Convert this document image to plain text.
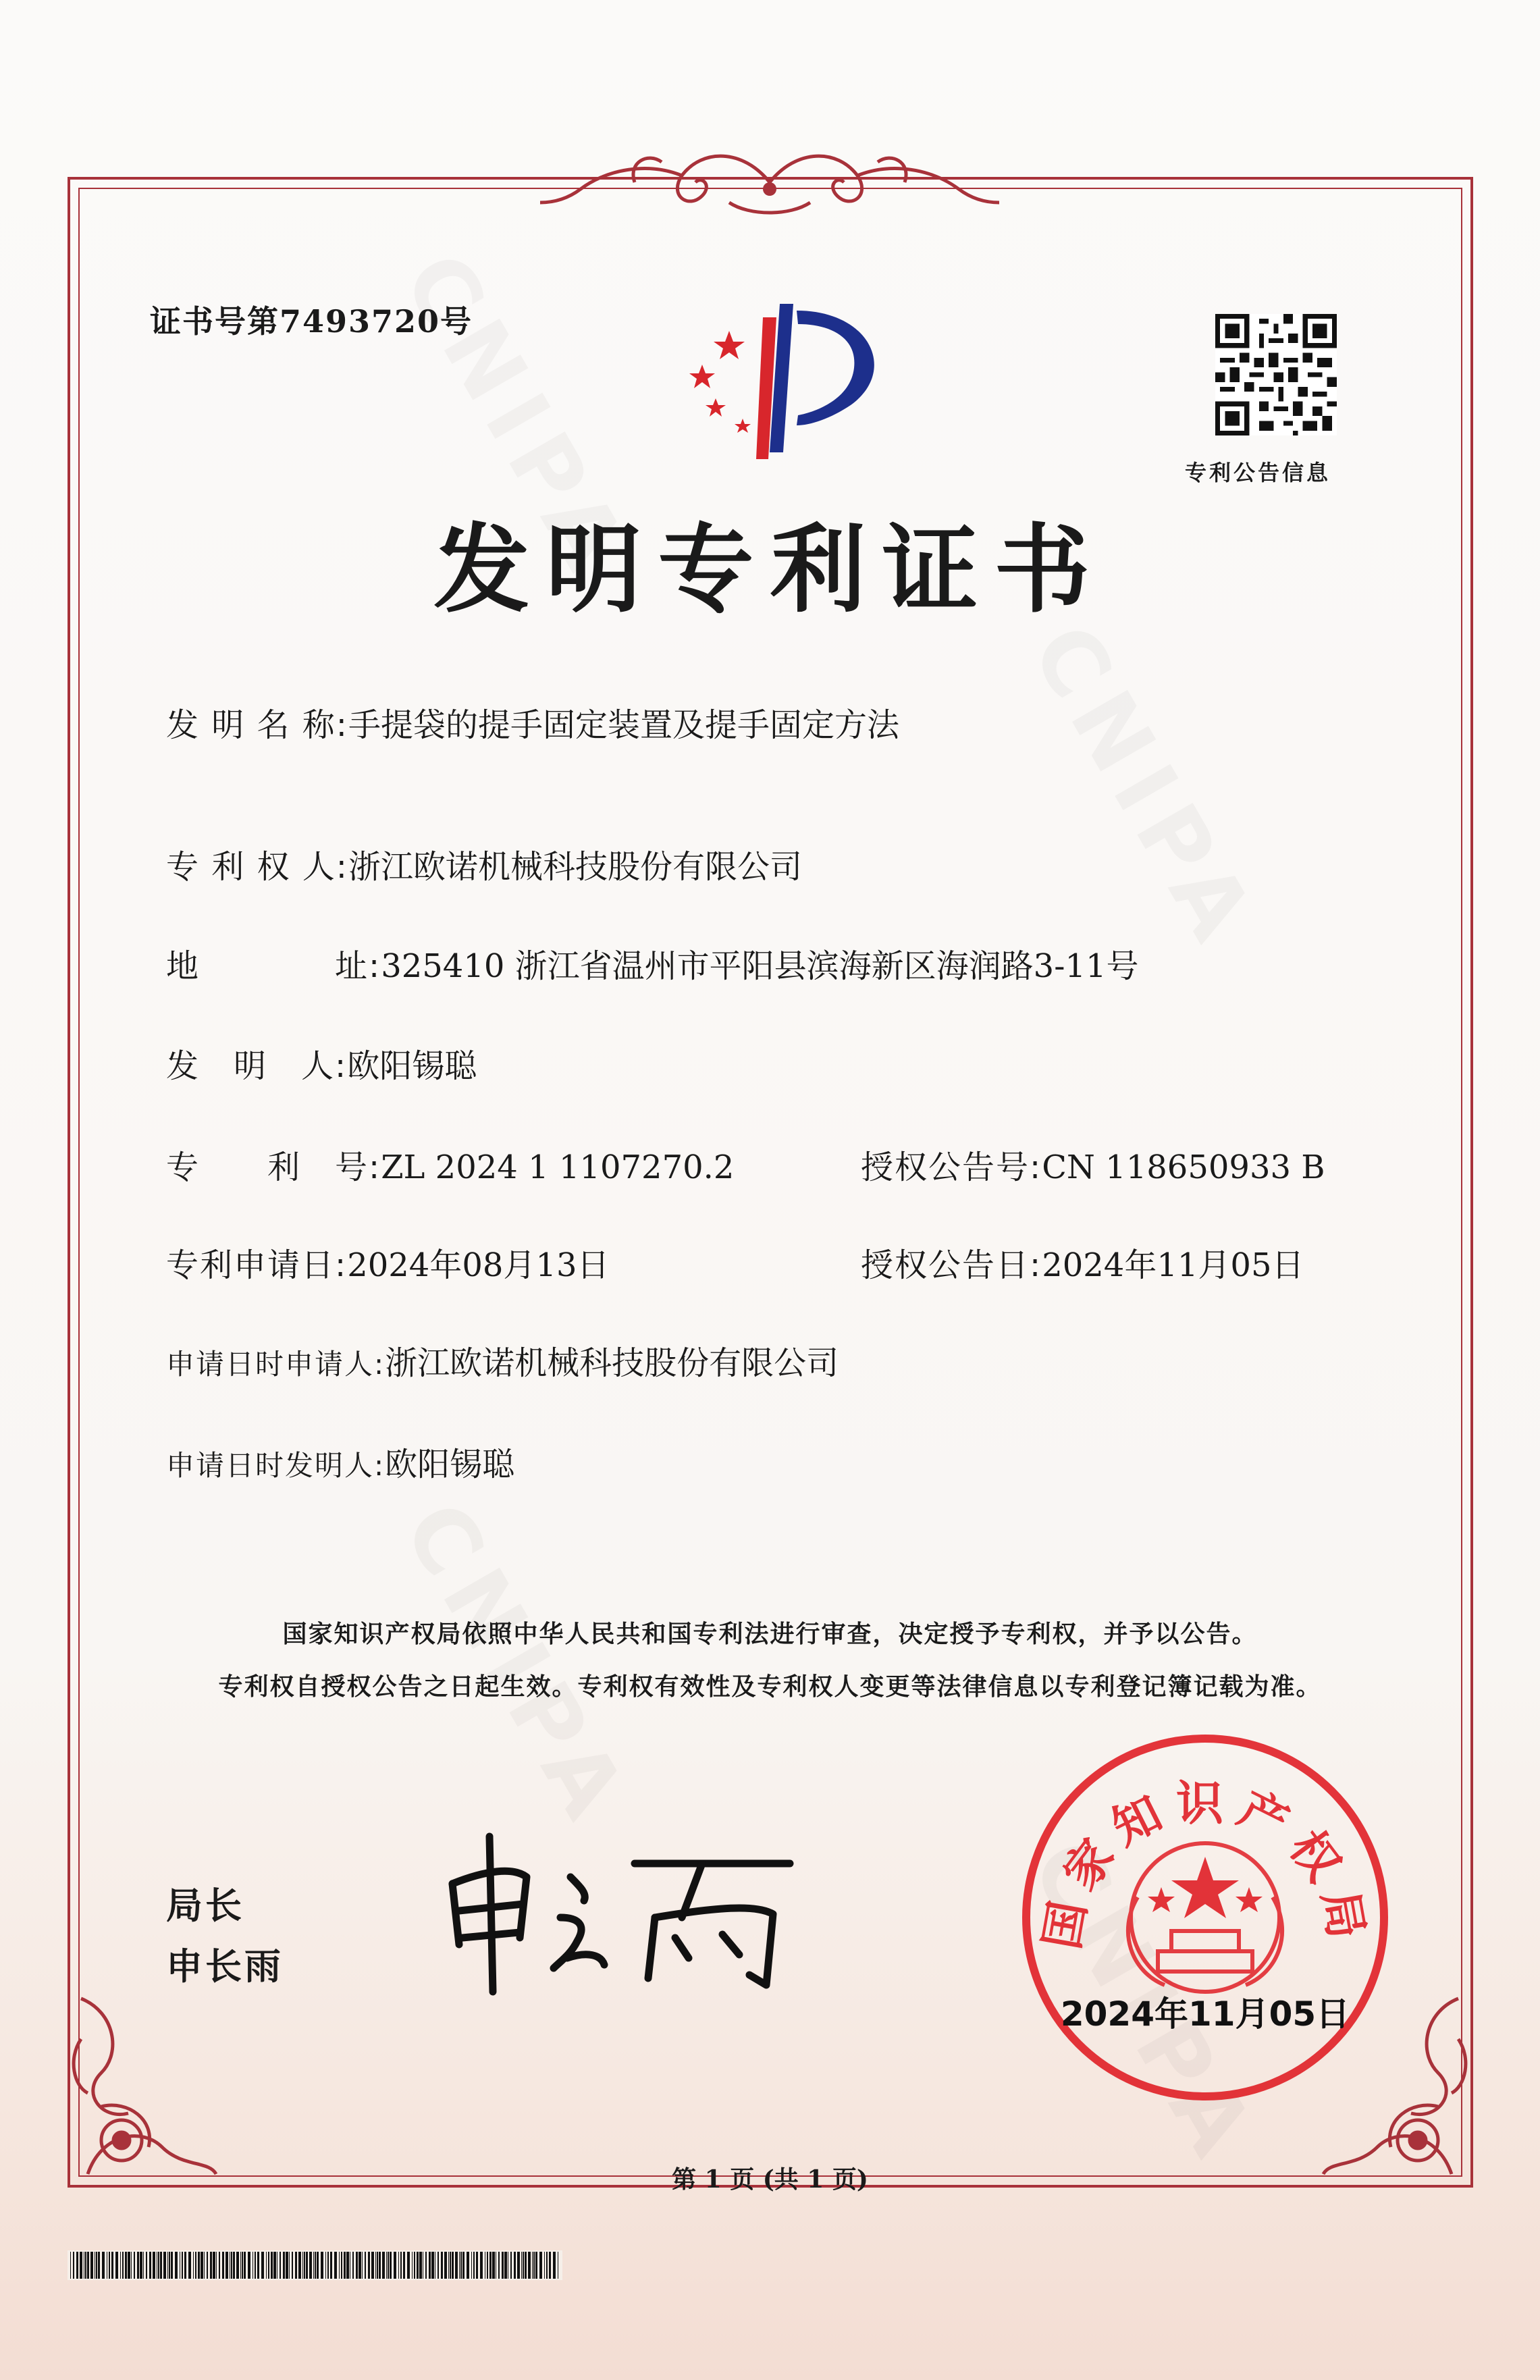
证书号第7493720号
专利公告信息
发明专利证书
发 明 名 称:手提袋的提手固定装置及提手固定方法
专 利 权 人:浙江欧诺机械科技股份有限公司
地　　　　址:325410 浙江省温州市平阳县滨海新区海润路3-11号
发　明　人:欧阳锡聪
专　　利　号:ZL 2024 1 1107270.2	授权公告号:CN 118650933 B
专利申请日:2024年08月13日	授权公告日:2024年11月05日
申请日时申请人:浙江欧诺机械科技股份有限公司
申请日时发明人:欧阳锡聪
国家知识产权局依照中华人民共和国专利法进行审查，决定授予专利权，并予以公告。
专利权自授权公告之日起生效。专利权有效性及专利权人变更等法律信息以专利登记簿记载为准。
局长
申长雨
国家知识产权局
2024年11月05日
第 1 页 (共 1 页)
